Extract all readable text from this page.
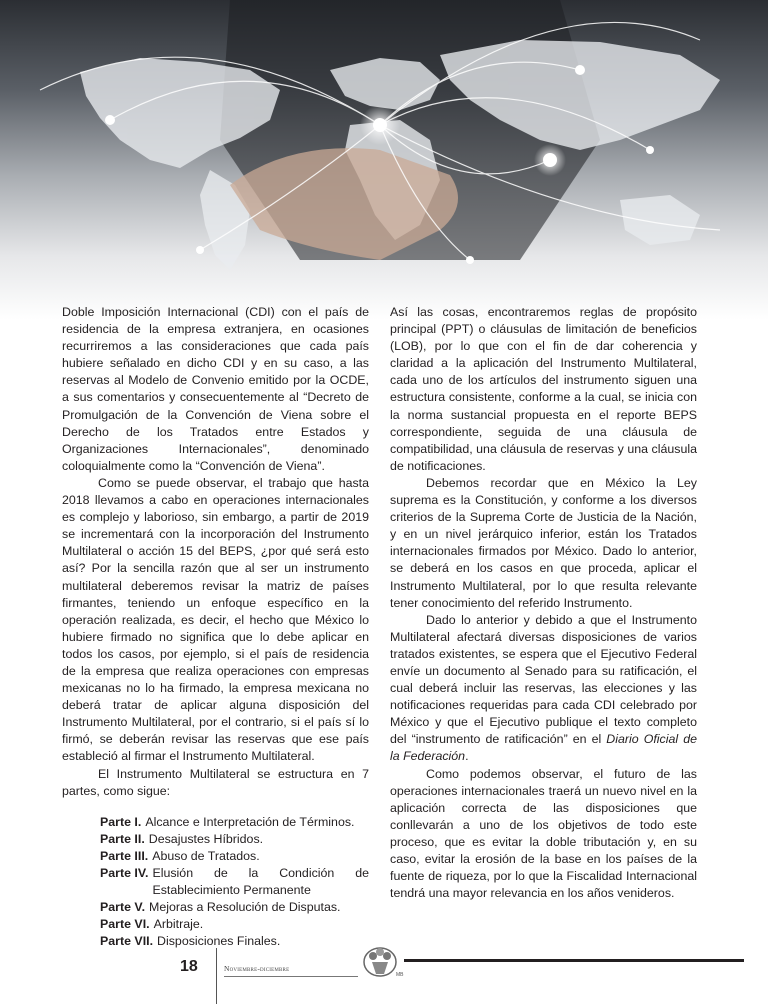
Doble Imposición Internacional (CDI) con el país de residencia de la empresa extranjera, en ocasiones recurriremos a las consideraciones que cada país hubiere señalado en dicho CDI y en su caso, a las reservas al Modelo de Convenio emitido por la OCDE, a sus comentarios y consecuentemente al “Decreto de Promulgación de la Convención de Viena sobre el Derecho de los Tratados entre Estados y Organizaciones Internacionales”, denominado coloquialmente como la “Convención de Viena”.

Como se puede observar, el trabajo que hasta 2018 llevamos a cabo en operaciones internacionales es complejo y laborioso, sin embargo, a partir de 2019 se incrementará con la incorporación del Instrumento Multilateral o acción 15 del BEPS, ¿por qué será esto así? Por la sencilla razón que al ser un instrumento multilateral deberemos revisar la matriz de países firmantes, teniendo un enfoque específico en la operación realizada, es decir, el hecho que México lo hubiere firmado no significa que lo debe aplicar en todos los casos, por ejemplo, si el país de residencia de la empresa que realiza operaciones con empresas mexicanas no lo ha firmado, la empresa mexicana no deberá tratar de aplicar alguna disposición del Instrumento Multilateral, por el contrario, si el país sí lo firmó, se deberán revisar las reservas que ese país estableció al firmar el Instrumento Multilateral.

El Instrumento Multilateral se estructura en 7 partes, como sigue:

Parte I. Alcance e Interpretación de Términos.
Parte II. Desajustes Híbridos.
Parte III. Abuso de Tratados.
Parte IV. Elusión de la Condición de Establecimiento Permanente
Parte V. Mejoras a Resolución de Disputas.
Parte VI. Arbitraje.
Parte VII. Disposiciones Finales.

Así las cosas, encontraremos reglas de propósito principal (PPT) o cláusulas de limitación de beneficios (LOB), por lo que con el fin de dar coherencia y claridad a la aplicación del Instrumento Multilateral, cada uno de los artículos del instrumento siguen una estructura consistente, conforme a la cual, se inicia con la norma sustancial propuesta en el reporte BEPS correspondiente, seguida de una cláusula de compatibilidad, una cláusula de reservas y una cláusula de notificaciones.

Debemos recordar que en México la Ley suprema es la Constitución, y conforme a los diversos criterios de la Suprema Corte de Justicia de la Nación, y en un nivel jerárquico inferior, están los Tratados internacionales firmados por México. Dado lo anterior, se deberá en los casos en que proceda, aplicar el Instrumento Multilateral, por lo que resulta relevante tener conocimiento del referido Instrumento.

Dado lo anterior y debido a que el Instrumento Multilateral afectará diversas disposiciones de varios tratados existentes, se espera que el Ejecutivo Federal envíe un documento al Senado para su ratificación, el cual deberá incluir las reservas, las elecciones y las notificaciones requeridas para cada CDI celebrado por México y que el Ejecutivo publique el texto completo del “instrumento de ratificación” en el Diario Oficial de la Federación.

Como podemos observar, el futuro de las operaciones internacionales traerá un nuevo nivel en la aplicación correcta de las disposiciones que conllevarán a uno de los objetivos de todo este proceso, que es evitar la doble tributación y, en su caso, evitar la erosión de la base en los países de la fuente de riqueza, por lo que la Fiscalidad Internacional tendrá una mayor relevancia en los años venideros.

18	Noviembre-diciembre
MB
